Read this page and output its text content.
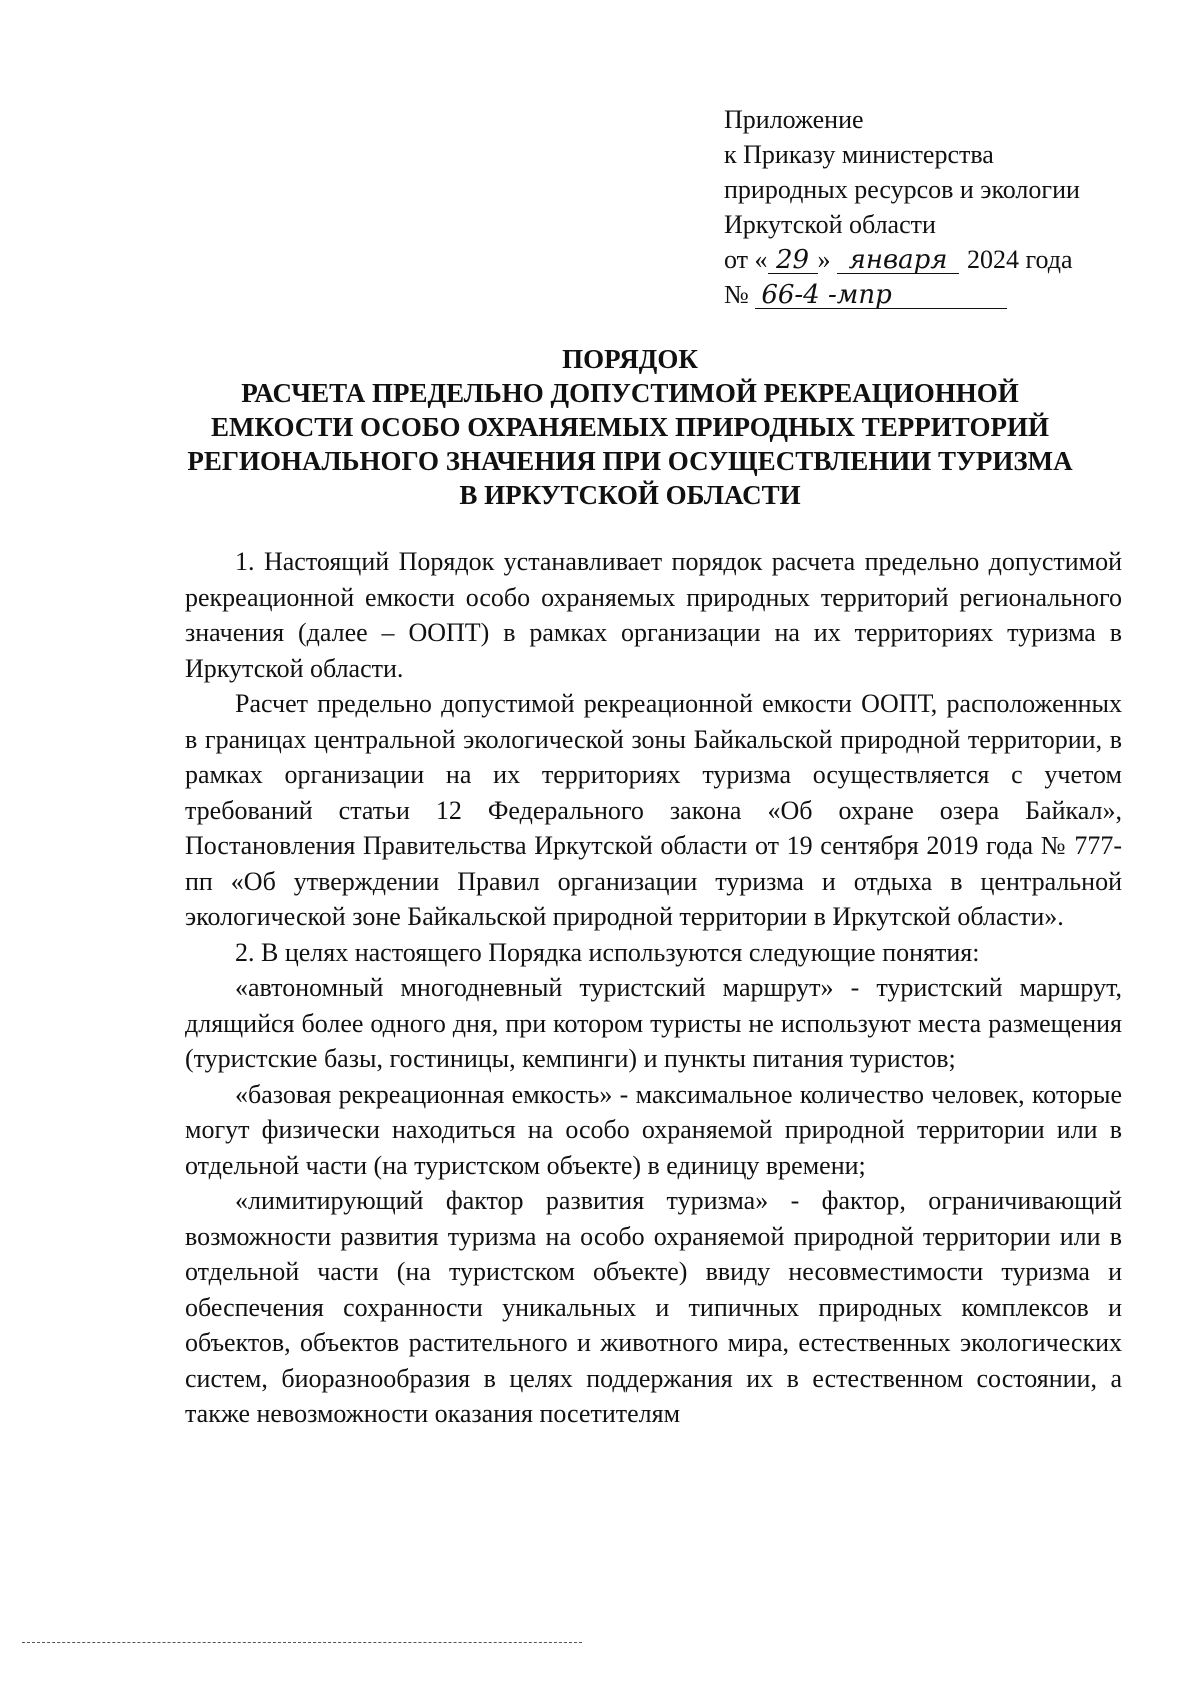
Приложение
к Приказу министерства
природных ресурсов и экологии
Иркутской области
от « 29 » января 2024 года
№ 66-4 -мпр
ПОРЯДОК
РАСЧЕТА ПРЕДЕЛЬНО ДОПУСТИМОЙ РЕКРЕАЦИОННОЙ
ЕМКОСТИ ОСОБО ОХРАНЯЕМЫХ ПРИРОДНЫХ ТЕРРИТОРИЙ
РЕГИОНАЛЬНОГО ЗНАЧЕНИЯ ПРИ ОСУЩЕСТВЛЕНИИ ТУРИЗМА
В ИРКУТСКОЙ ОБЛАСТИ

1. Настоящий Порядок устанавливает порядок расчета предельно допустимой рекреационной емкости особо охраняемых природных территорий регионального значения (далее – ООПТ) в рамках организации на их территориях туризма в Иркутской области.

Расчет предельно допустимой рекреационной емкости ООПТ, расположенных в границах центральной экологической зоны Байкальской природной территории, в рамках организации на их территориях туризма осуществляется с учетом требований статьи 12 Федерального закона «Об охране озера Байкал», Постановления Правительства Иркутской области от 19 сентября 2019 года № 777-пп «Об утверждении Правил организации туризма и отдыха в центральной экологической зоне Байкальской природной территории в Иркутской области».

2. В целях настоящего Порядка используются следующие понятия:

«автономный многодневный туристский маршрут» - туристский маршрут, длящийся более одного дня, при котором туристы не используют места размещения (туристские базы, гостиницы, кемпинги) и пункты питания туристов;

«базовая рекреационная емкость» - максимальное количество человек, которые могут физически находиться на особо охраняемой природной территории или в отдельной части (на туристском объекте) в единицу времени;

«лимитирующий фактор развития туризма» - фактор, ограничивающий возможности развития туризма на особо охраняемой природной территории или в отдельной части (на туристском объекте) ввиду несовместимости туризма и обеспечения сохранности уникальных и типичных природных комплексов и объектов, объектов растительного и животного мира, естественных экологических систем, биоразнообразия в целях поддержания их в естественном состоянии, а также невозможности оказания посетителям
